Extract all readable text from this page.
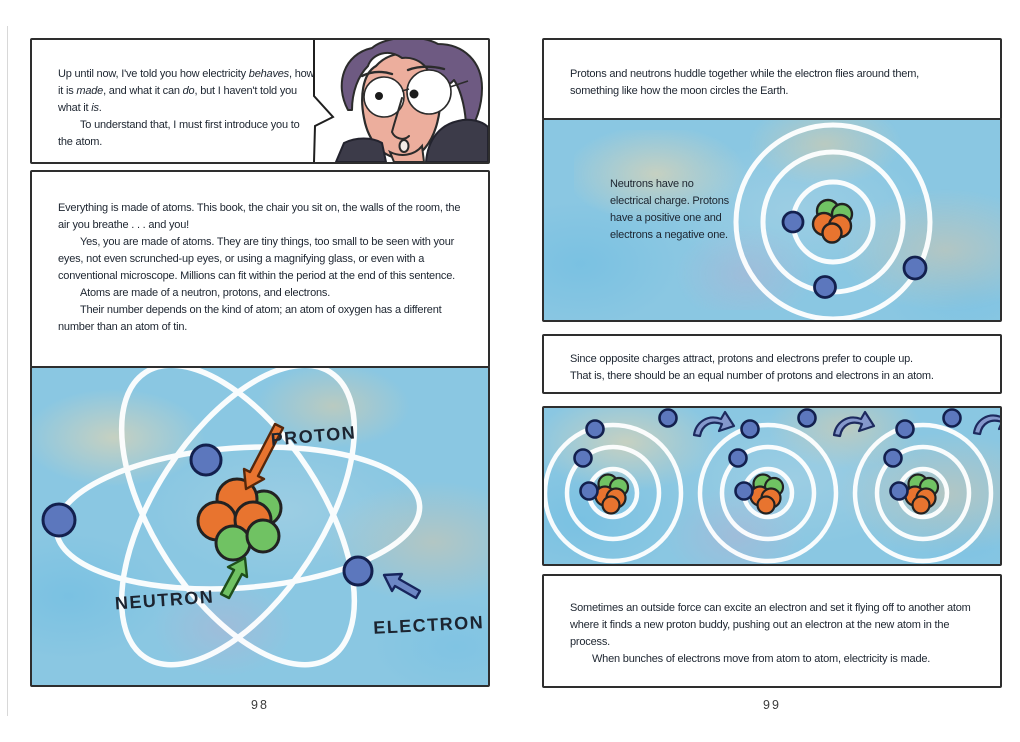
Up until now, I've told you how electricity behaves, how it is made, and what it can do, but I haven't told you what it is.

To understand that, I must first introduce you to the atom.

Everything is made of atoms. This book, the chair you sit on, the walls of the room, the air you breathe . . . and you!

Yes, you are made of atoms. They are tiny things, too small to be seen with your eyes, not even scrunched-up eyes, or using a magnifying glass, or even with a conventional microscope. Millions can fit within the period at the end of this sentence.

Atoms are made of a neutron, protons, and electrons.

Their number depends on the kind of atom; an atom of oxygen has a different number than an atom of tin.

PROTON
NEUTRON
ELECTRON
98

Protons and neutrons huddle together while the electron flies around them,

something like how the moon circles the Earth.

Neutrons have no electrical charge. Protons have a positive one and electrons a negative one.

Since opposite charges attract, protons and electrons prefer to couple up.

That is, there should be an equal number of protons and electrons in an atom.

Sometimes an outside force can excite an electron and set it flying off to another atom where it finds a new proton buddy, pushing out an electron at the new atom in the process.

When bunches of electrons move from atom to atom, electricity is made.

99
